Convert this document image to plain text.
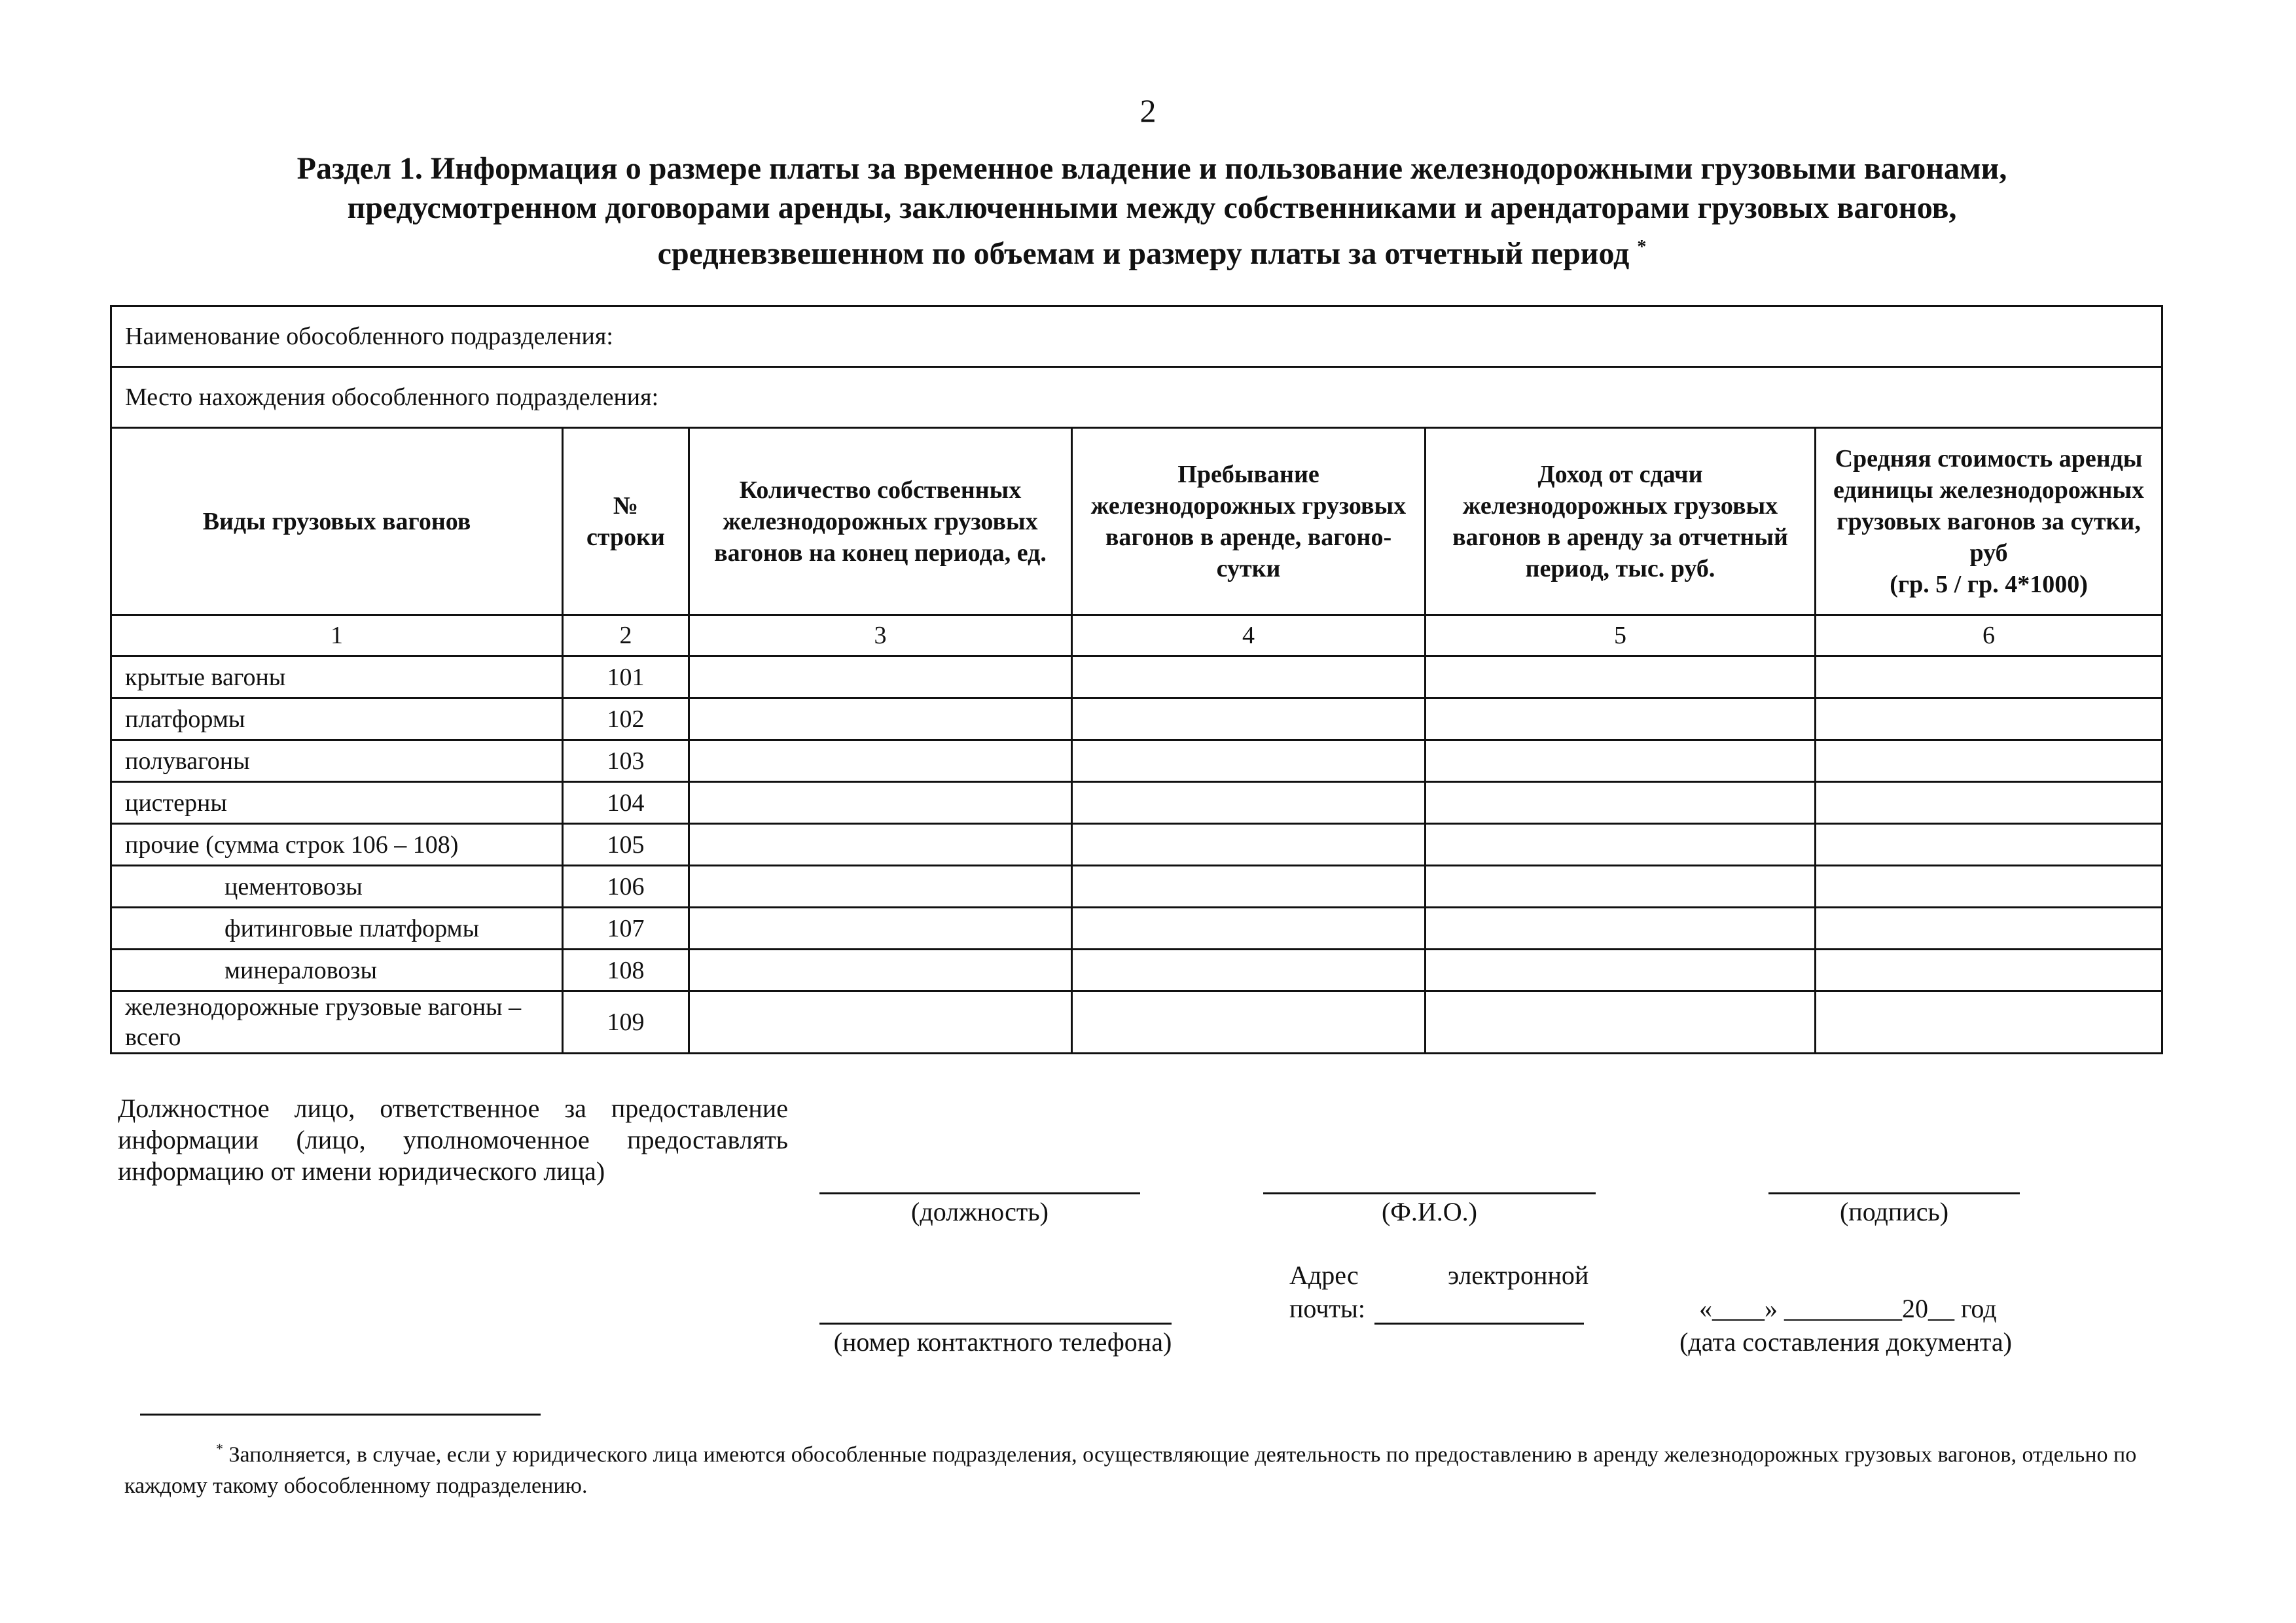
2
Раздел 1. Информация о размере платы за временное владение и пользование железнодорожными грузовыми вагонами,
предусмотренном договорами аренды, заключенными между собственниками и арендаторами грузовых вагонов,
средневзвешенном по объемам и размеру платы за отчетный период *
Наименование обособленного подразделения:					
Место нахождения обособленного подразделения:					
Виды грузовых вагонов	№ строки	Количество собственных железнодорожных грузовых вагонов на конец периода, ед.	Пребывание железнодорожных грузовых вагонов в аренде, вагоно-сутки	Доход от сдачи железнодорожных грузовых вагонов в аренду за отчетный период, тыс. руб.	Средняя стоимость аренды единицы железнодорожных грузовых вагонов за сутки, руб
(гр. 5 / гр. 4*1000)

1	2	3	4	5	6
крытые вагоны	101				
платформы	102				
полувагоны	103				
цистерны	104				
прочие (сумма строк 106 – 108)	105				
цементовозы	106				
фитинговые платформы	107				
минераловозы	108				
железнодорожные грузовые вагоны – всего	109				
Должностное лицо, ответственное за предоставление информации (лицо, уполномоченное предоставлять информацию от имени юридического лица)
(должность)	(Ф.И.О.)	(подпись)
Адрес	электронной
почты:
(номер контактного телефона)
«____» _________20__ год
(дата составления документа)
* Заполняется, в случае, если у юридического лица имеются обособленные подразделения, осуществляющие деятельность по предоставлению в аренду железнодорожных грузовых вагонов, отдельно по каждому такому обособленному подразделению.
